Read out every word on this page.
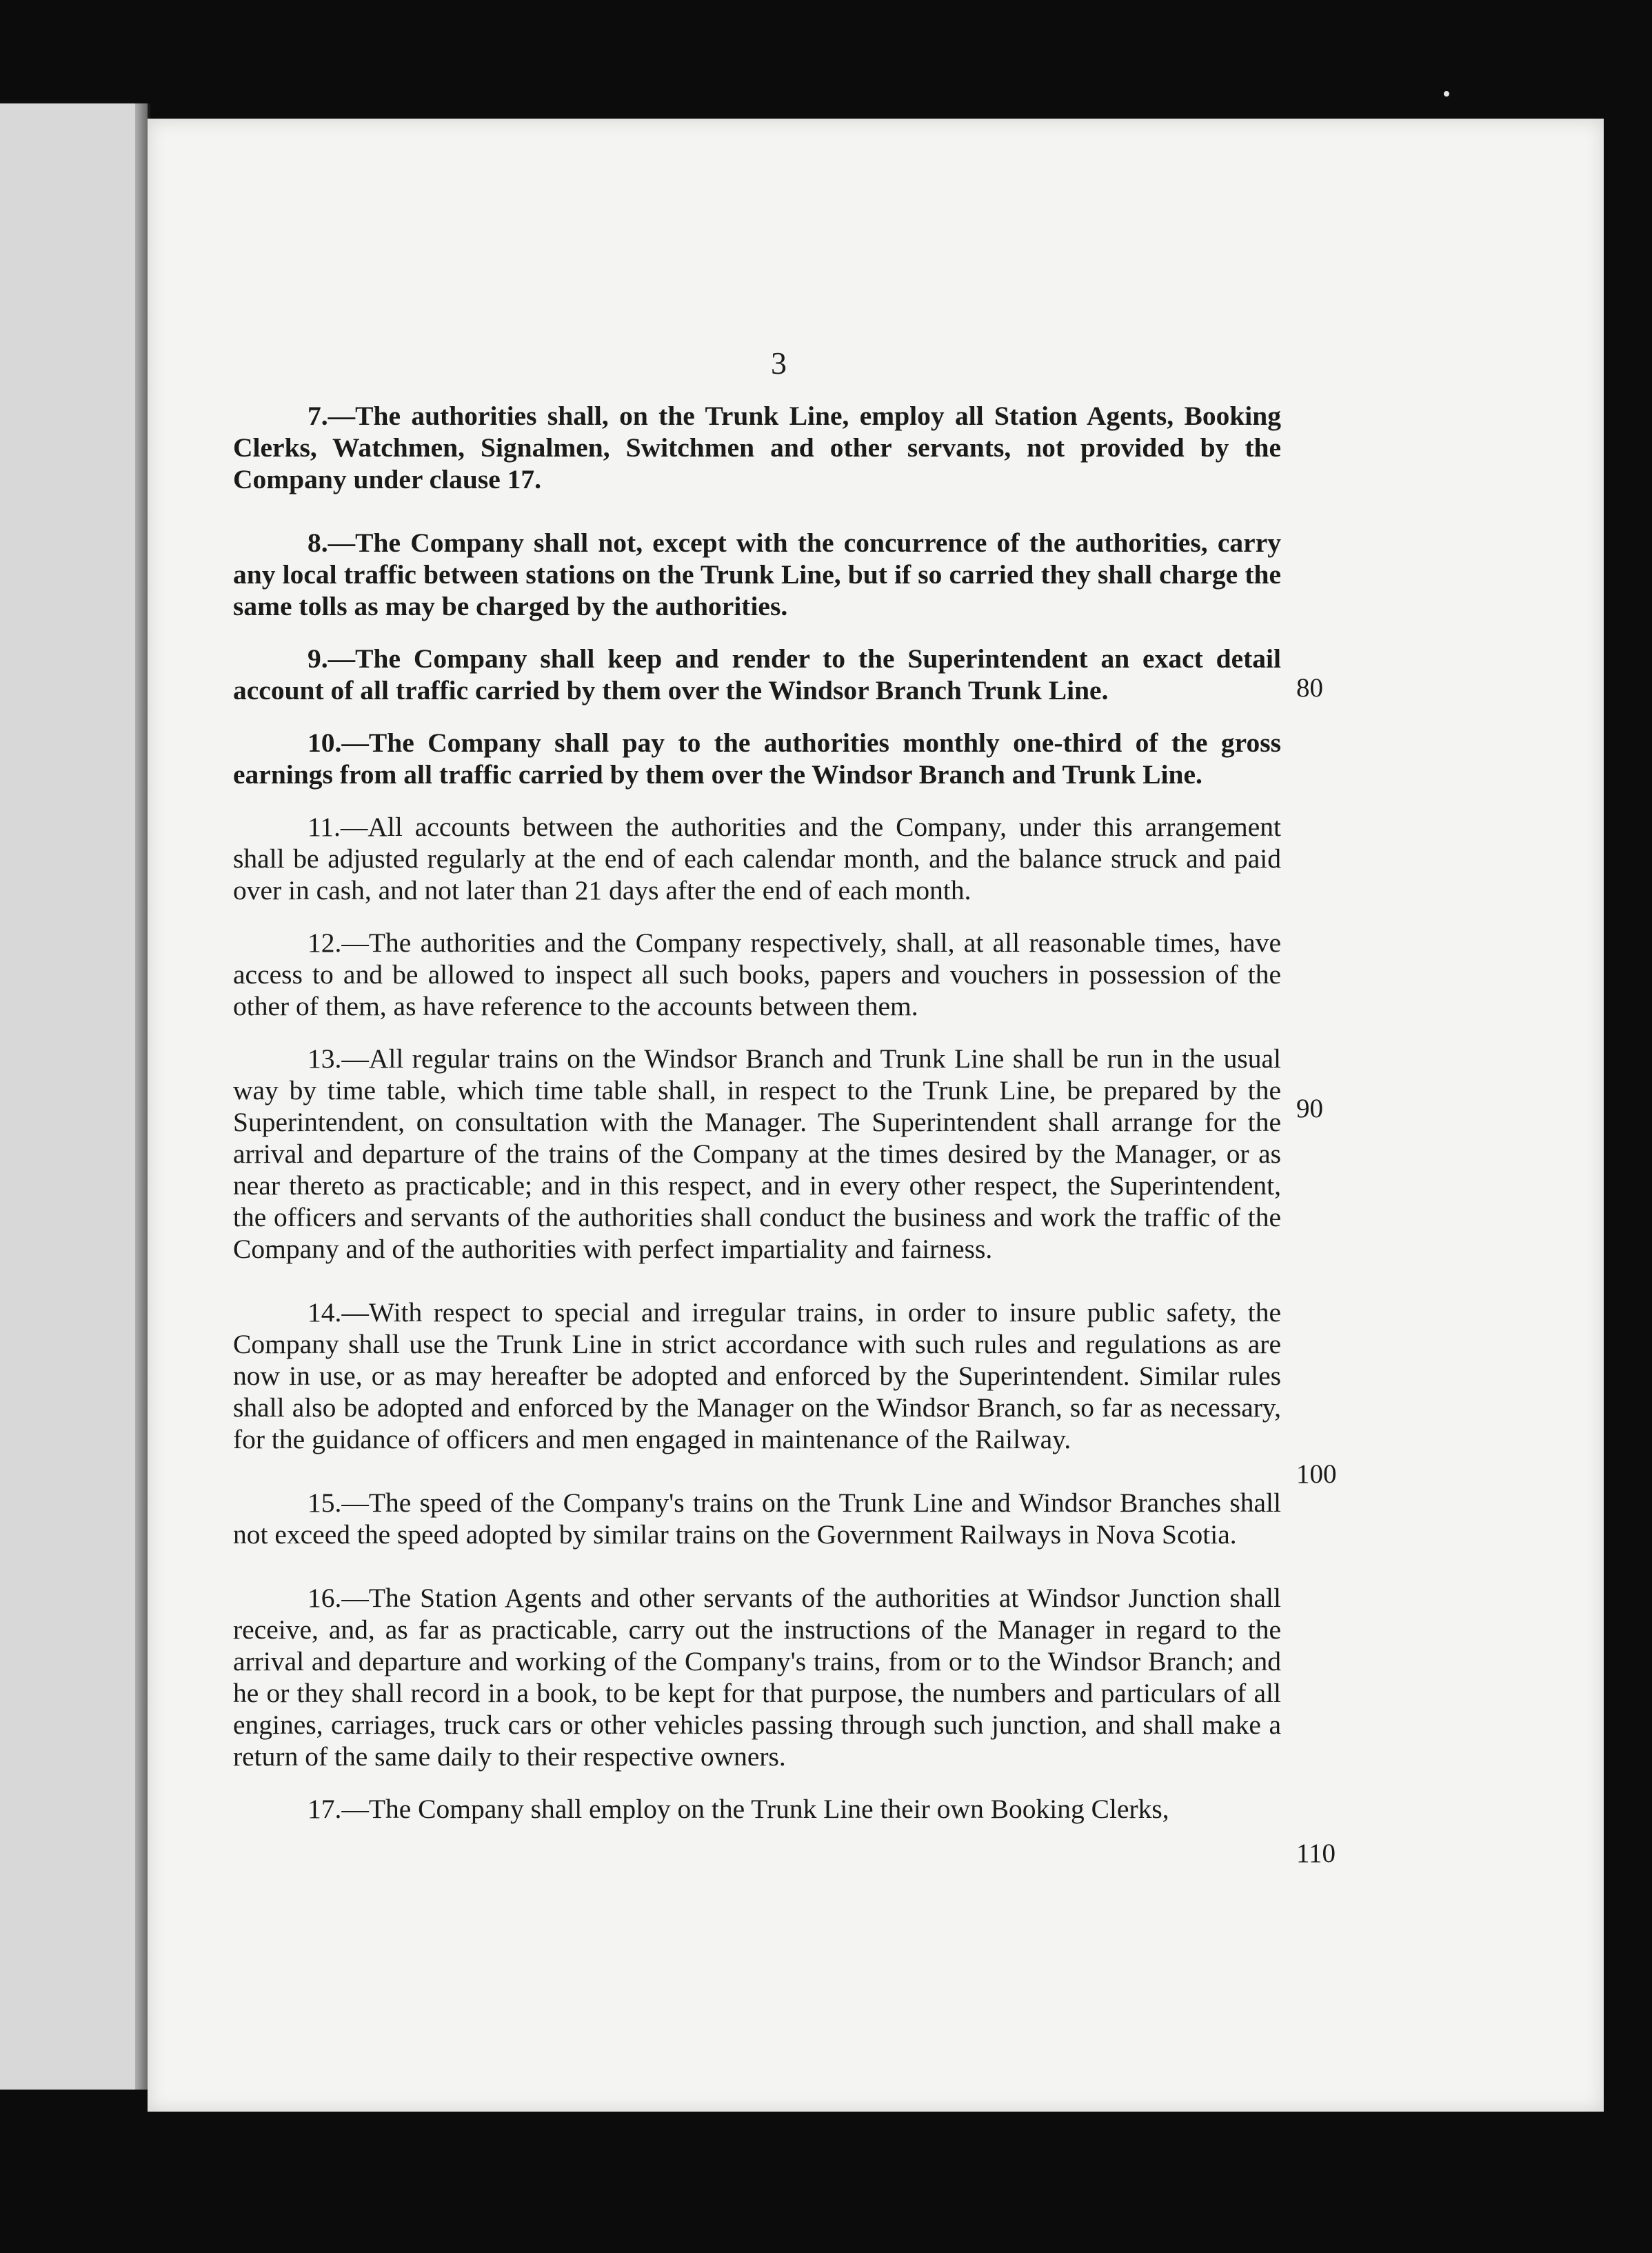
3

7.—The authorities shall, on the Trunk Line, employ all Station Agents, Booking Clerks, Watchmen, Signalmen, Switchmen and other servants, not provided by the Company under clause 17.

8.—The Company shall not, except with the concurrence of the authorities, carry any local traffic between stations on the Trunk Line, but if so carried they shall charge the same tolls as may be charged by the authorities.

9.—The Company shall keep and render to the Superintendent an exact detail account of all traffic carried by them over the Windsor Branch Trunk Line.

10.—The Company shall pay to the authorities monthly one-third of the gross earnings from all traffic carried by them over the Windsor Branch and Trunk Line.

11.—All accounts between the authorities and the Company, under this arrangement shall be adjusted regularly at the end of each calendar month, and the balance struck and paid over in cash, and not later than 21 days after the end of each month.

12.—The authorities and the Company respectively, shall, at all reasonable times, have access to and be allowed to inspect all such books, papers and vouchers in possession of the other of them, as have reference to the accounts between them.

13.—All regular trains on the Windsor Branch and Trunk Line shall be run in the usual way by time table, which time table shall, in respect to the Trunk Line, be prepared by the Superintendent, on consultation with the Manager. The Superintendent shall arrange for the arrival and departure of the trains of the Company at the times desired by the Manager, or as near thereto as practicable; and in this respect, and in every other respect, the Superintendent, the officers and servants of the authorities shall conduct the business and work the traffic of the Company and of the authorities with perfect impartiality and fairness.

14.—With respect to special and irregular trains, in order to insure public safety, the Company shall use the Trunk Line in strict accordance with such rules and regulations as are now in use, or as may hereafter be adopted and enforced by the Superintendent. Similar rules shall also be adopted and enforced by the Manager on the Windsor Branch, so far as necessary, for the guidance of officers and men engaged in maintenance of the Railway.

15.—The speed of the Company's trains on the Trunk Line and Windsor Branches shall not exceed the speed adopted by similar trains on the Government Railways in Nova Scotia.

16.—The Station Agents and other servants of the authorities at Windsor Junction shall receive, and, as far as practicable, carry out the instructions of the Manager in regard to the arrival and departure and working of the Company's trains, from or to the Windsor Branch; and he or they shall record in a book, to be kept for that purpose, the numbers and particulars of all engines, carriages, truck cars or other vehicles passing through such junction, and shall make a return of the same daily to their respective owners.

17.—The Company shall employ on the Trunk Line their own Booking Clerks,

80

90

100

110
